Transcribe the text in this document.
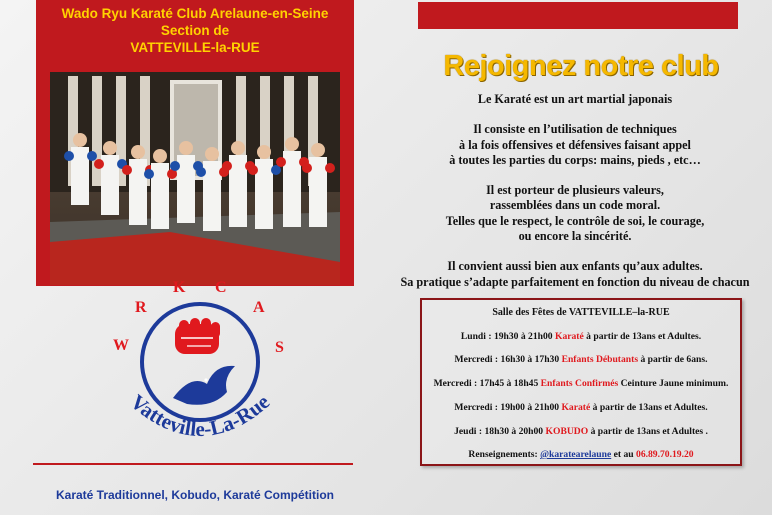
Wado Ryu Karaté Club Arelaune-en-Seine
Section de
VATTEVILLE-la-RUE
W
R
K C
A
S
Vatteville-La-Rue
Karaté Traditionnel, Kobudo, Karaté Compétition
Rejoignez notre club
Le Karaté est un art martial japonais
Il consiste en l’utilisation de techniques
à la fois offensives et défensives faisant appel
à toutes les parties du corps: mains, pieds , etc…
Il est porteur de plusieurs valeurs,
rassemblées dans un code moral.
Telles que le respect, le contrôle de soi, le courage,
ou encore la sincérité.
Il convient aussi bien aux enfants qu’aux adultes.
Sa pratique s’adapte parfaitement en fonction du niveau de chacun
Salle des Fêtes de VATTEVILLE–la-RUE
Lundi : 19h30 à 21h00 Karaté à partir de 13ans et Adultes.
Mercredi : 16h30 à 17h30 Enfants Débutants à partir de 6ans.
Mercredi : 17h45 à 18h45 Enfants Confirmés Ceinture Jaune minimum.
Mercredi : 19h00 à 21h00 Karaté à partir de 13ans et Adultes.
Jeudi : 18h30 à 20h00 KOBUDO à partir de 13ans et Adultes .
Renseignements: @karatearelaune et au 06.89.70.19.20
